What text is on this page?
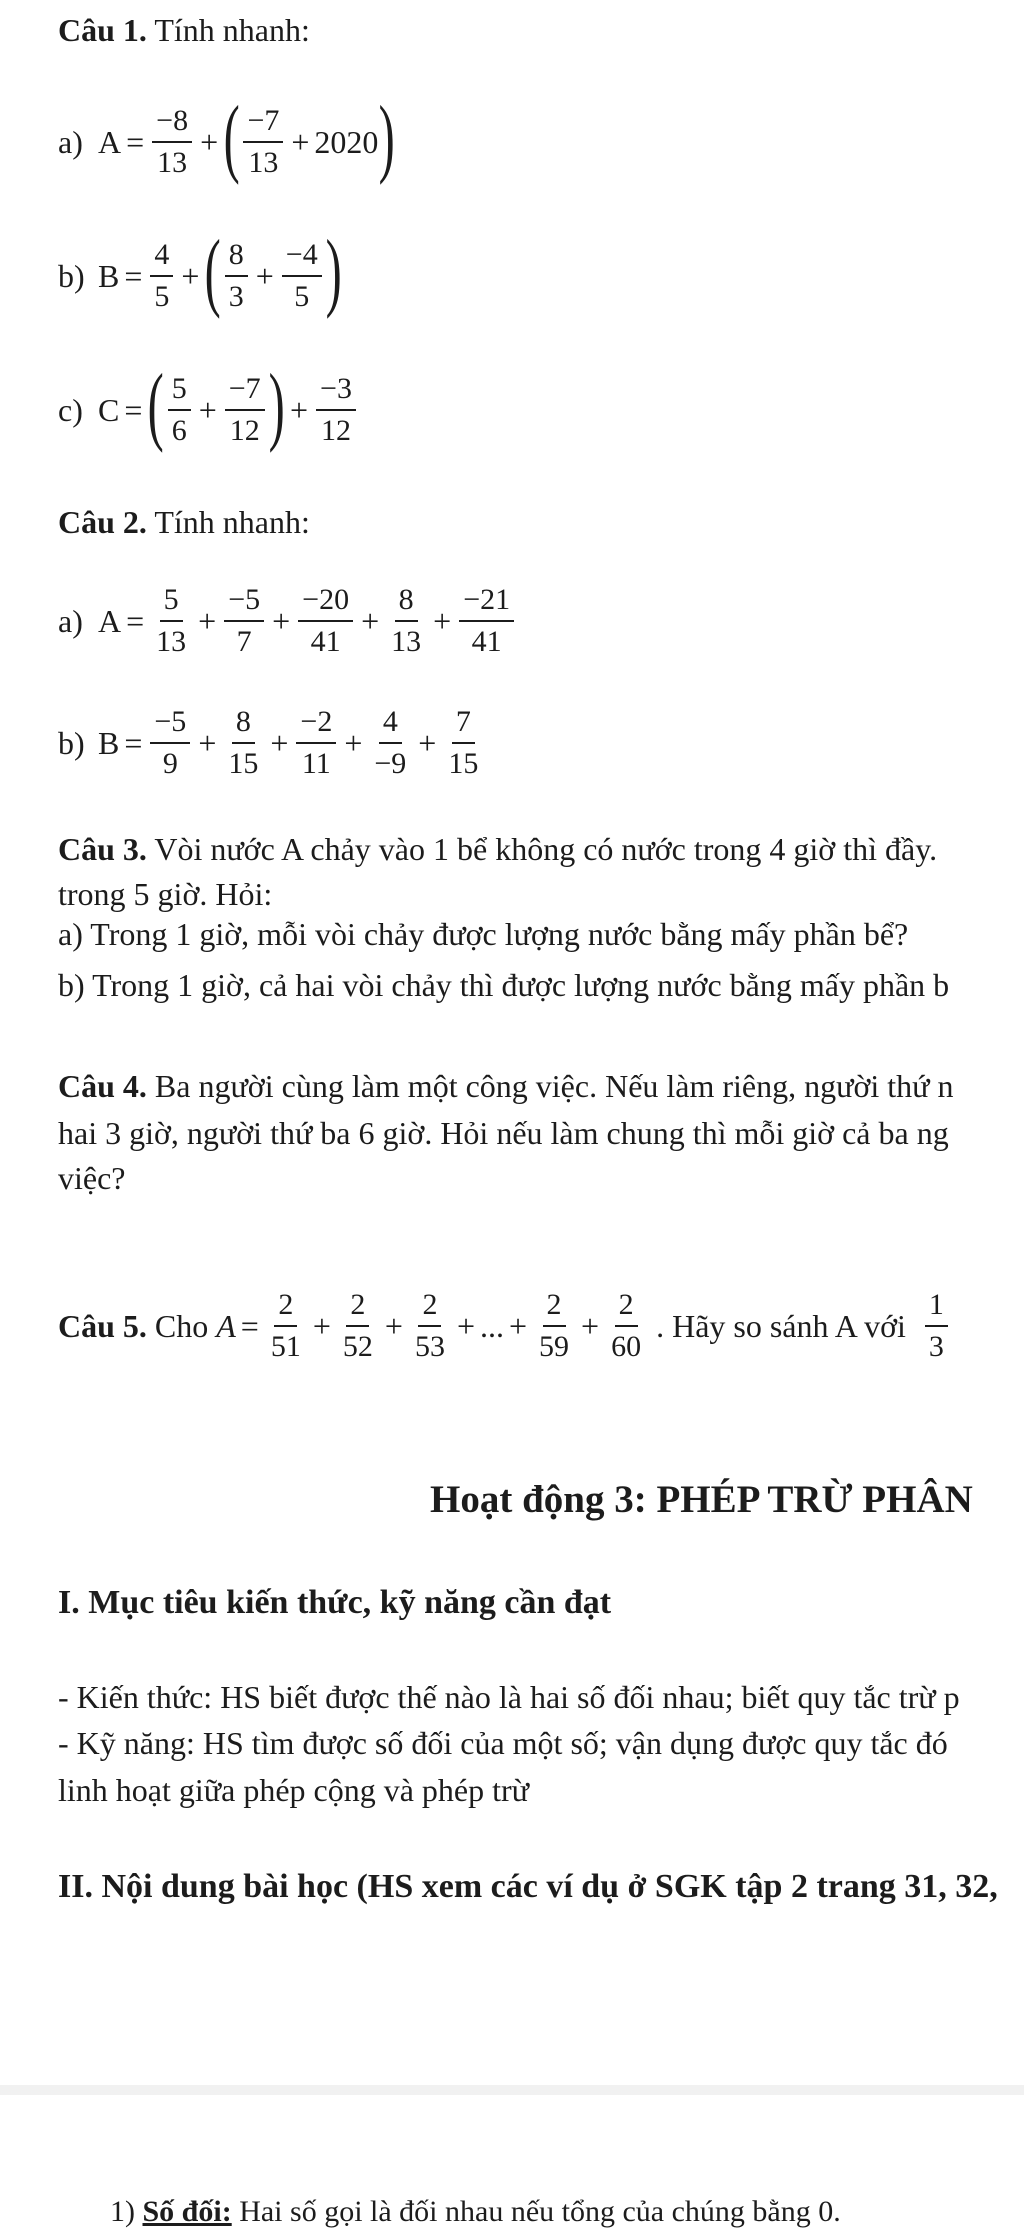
Câu 1. Tính nhanh:
a) $A = \frac{-8}{13}$ + ( $\frac{-7}{13} + 2020$ )
b) $B = \frac{4}{5}$ + ( $\frac{8}{3} + \frac{-4}{5}$ )
c) C = ( $\frac{5}{6} + \frac{-7}{12}$ ) + $\frac{-3}{12}$
Câu 2. Tính nhanh:
a) $A = \frac{5}{13} + \frac{-5}{7} + \frac{-20}{41} + \frac{8}{13} + \frac{-21}{41}$
b) $B = \frac{-5}{9} + \frac{8}{15} + \frac{-2}{11} + \frac{4}{-9} + \frac{7}{15}$
Câu 3. Vòi nước A chảy vào 1 bể không có nước trong 4 giờ thì đầy.
trong 5 giờ. Hỏi:
a) Trong 1 giờ, mỗi vòi chảy được lượng nước bằng mấy phần bể?
b) Trong 1 giờ, cả hai vòi chảy thì được lượng nước bằng mấy phần b
Câu 4. Ba người cùng làm một công việc. Nếu làm riêng, người thứ n
hai 3 giờ, người thứ ba 6 giờ. Hỏi nếu làm chung thì mỗi giờ cả ba ng
việc?
Câu 5.
Cho
$A = \frac{2}{51} + \frac{2}{52} + \frac{2}{53}$ + ... + $\frac{2}{59} + \frac{2}{60}$
. Hãy so sánh A với
$\frac{1}{3}$
Hoạt động 3: PHÉP TRỪ PHÂN
I. Mục tiêu kiến thức, kỹ năng cần đạt
- Kiến thức: HS biết được thế nào là hai số đối nhau; biết quy tắc trừ p
- Kỹ năng: HS tìm được số đối của một số; vận dụng được quy tắc đó
linh hoạt giữa phép cộng và phép trừ
II. Nội dung bài học (HS xem các ví dụ ở SGK tập 2 trang 31, 32,
1) Số đối: Hai số gọi là đối nhau nếu tổng của chúng bằng 0.
